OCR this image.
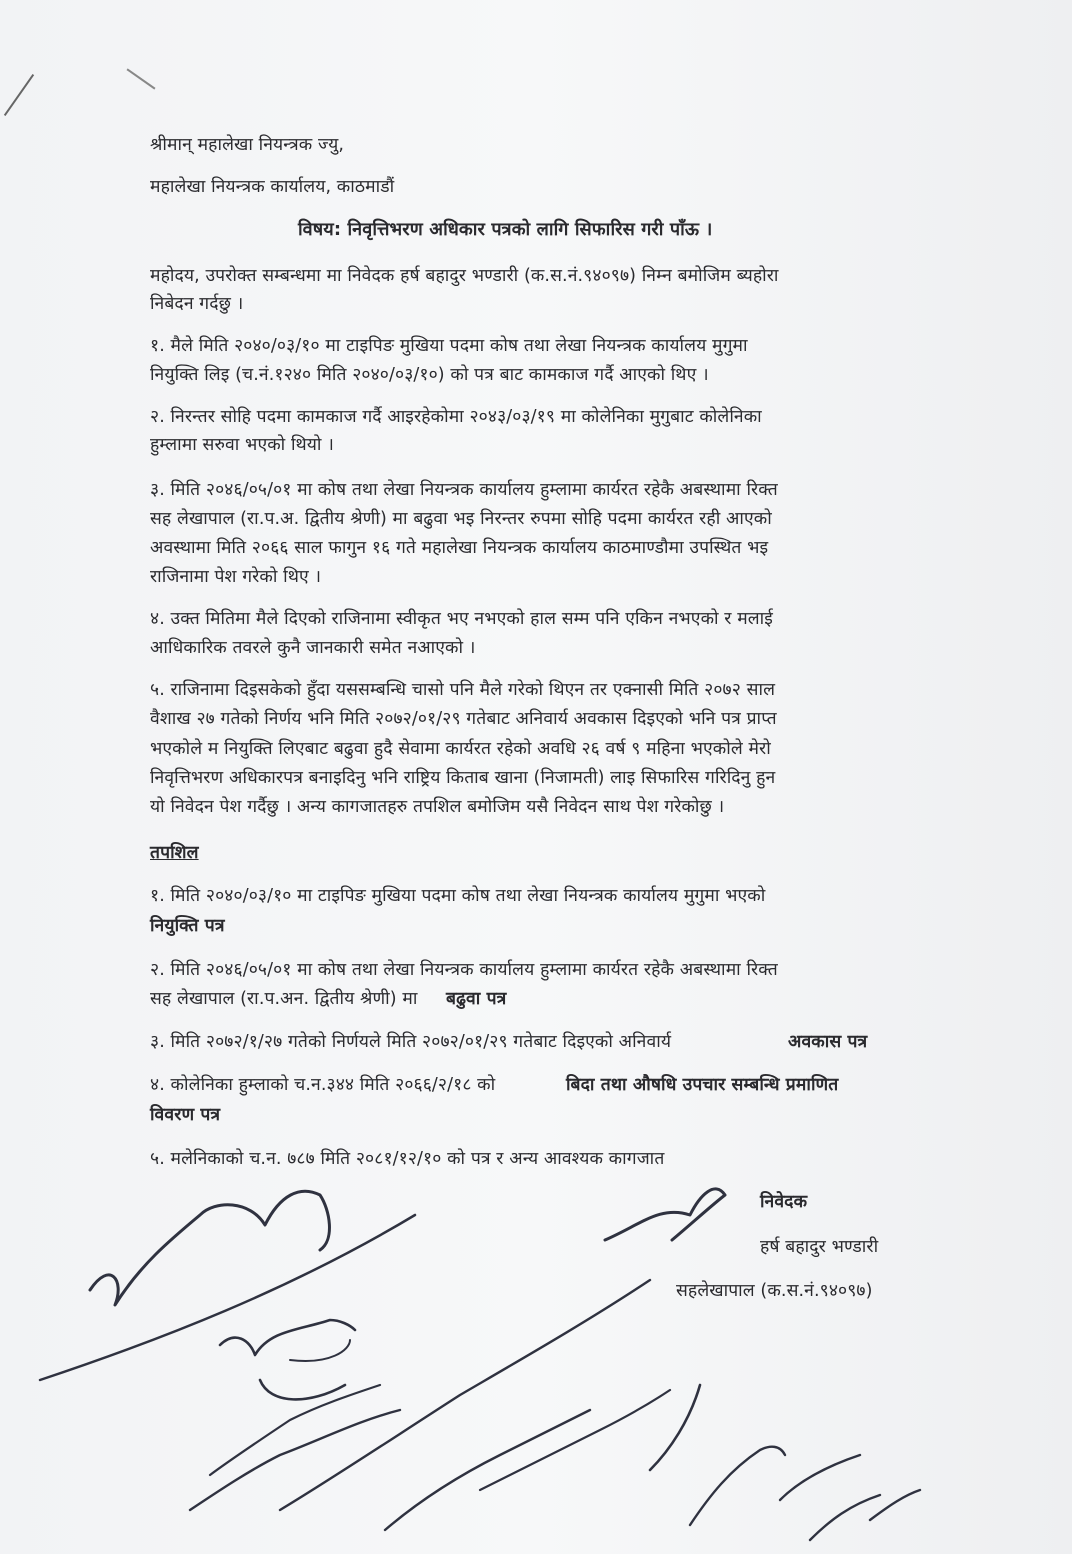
श्रीमान् महालेखा नियन्त्रक ज्यु,
महालेखा नियन्त्रक कार्यालय, काठमाडौं
विषय: निवृत्तिभरण अधिकार पत्रको लागि सिफारिस गरी पाँऊ ।
महोदय, उपरोक्त सम्बन्धमा मा निवेदक हर्ष बहादुर भण्डारी (क.स.नं.९४०९७) निम्न बमोजिम ब्यहोरा
निबेदन गर्दछु ।
१. मैले मिति २०४०/०३/१० मा टाइपिङ मुखिया पदमा कोष तथा लेखा नियन्त्रक कार्यालय मुगुमा
नियुक्ति लिइ (च.नं.१२४० मिति २०४०/०३/१०) को पत्र बाट कामकाज गर्दै आएको थिए ।
२. निरन्तर सोहि पदमा कामकाज गर्दै आइरहेकोमा २०४३/०३/१९ मा कोलेनिका मुगुबाट कोलेनिका
हुम्लामा सरुवा भएको थियो ।
३. मिति २०४६/०५/०१ मा कोष तथा लेखा नियन्त्रक कार्यालय हुम्लामा कार्यरत रहेकै अबस्थामा रिक्त
सह लेखापाल (रा.प.अ. द्वितीय श्रेणी) मा बढुवा भइ निरन्तर रुपमा सोहि पदमा कार्यरत रही आएको
अवस्थामा मिति २०६६ साल फागुन १६ गते महालेखा नियन्त्रक कार्यालय काठमाण्डौमा उपस्थित भइ
राजिनामा पेश गरेको थिए ।
४. उक्त मितिमा मैले दिएको राजिनामा स्वीकृत भए नभएको हाल सम्म पनि एकिन नभएको र मलाई
आधिकारिक तवरले कुनै जानकारी समेत नआएको ।
५. राजिनामा दिइसकेको हुँदा यससम्बन्धि चासो पनि मैले गरेको थिएन तर एक्नासी मिति २०७२ साल
वैशाख २७ गतेको निर्णय भनि मिति २०७२/०१/२९ गतेबाट अनिवार्य अवकास दिइएको भनि पत्र प्राप्त
भएकोले म नियुक्ति लिएबाट बढुवा हुदै सेवामा कार्यरत रहेको अवधि २६ वर्ष ९ महिना भएकोले मेरो
निवृत्तिभरण अधिकारपत्र बनाइदिनु भनि राष्ट्रिय किताब खाना (निजामती) लाइ सिफारिस गरिदिनु हुन
यो निवेदन पेश गर्दैछु । अन्य कागजातहरु तपशिल बमोजिम यसै निवेदन साथ पेश गरेकोछु ।
तपशिल
१. मिति २०४०/०३/१० मा टाइपिङ मुखिया पदमा कोष तथा लेखा नियन्त्रक कार्यालय मुगुमा भएको
नियुक्ति पत्र
२. मिति २०४६/०५/०१ मा कोष तथा लेखा नियन्त्रक कार्यालय हुम्लामा कार्यरत रहेकै अबस्थामा रिक्त
सह लेखापाल (रा.प.अन. द्वितीय श्रेणी) मा बढुवा पत्र
३. मिति २०७२/१/२७ गतेको निर्णयले मिति २०७२/०१/२९ गतेबाट दिइएको अनिवार्य	अवकास पत्र
४. कोलेनिका हुम्लाको च.न.३४४ मिति २०६६/२/१८ को	बिदा तथा औषधि उपचार सम्बन्धि प्रमाणित
विवरण पत्र
५. मलेनिकाको च.न. ७८७ मिति २०८१/१२/१० को पत्र र अन्य आवश्यक कागजात
निवेदक
हर्ष बहादुर भण्डारी
सहलेखापाल (क.स.नं.९४०९७)
